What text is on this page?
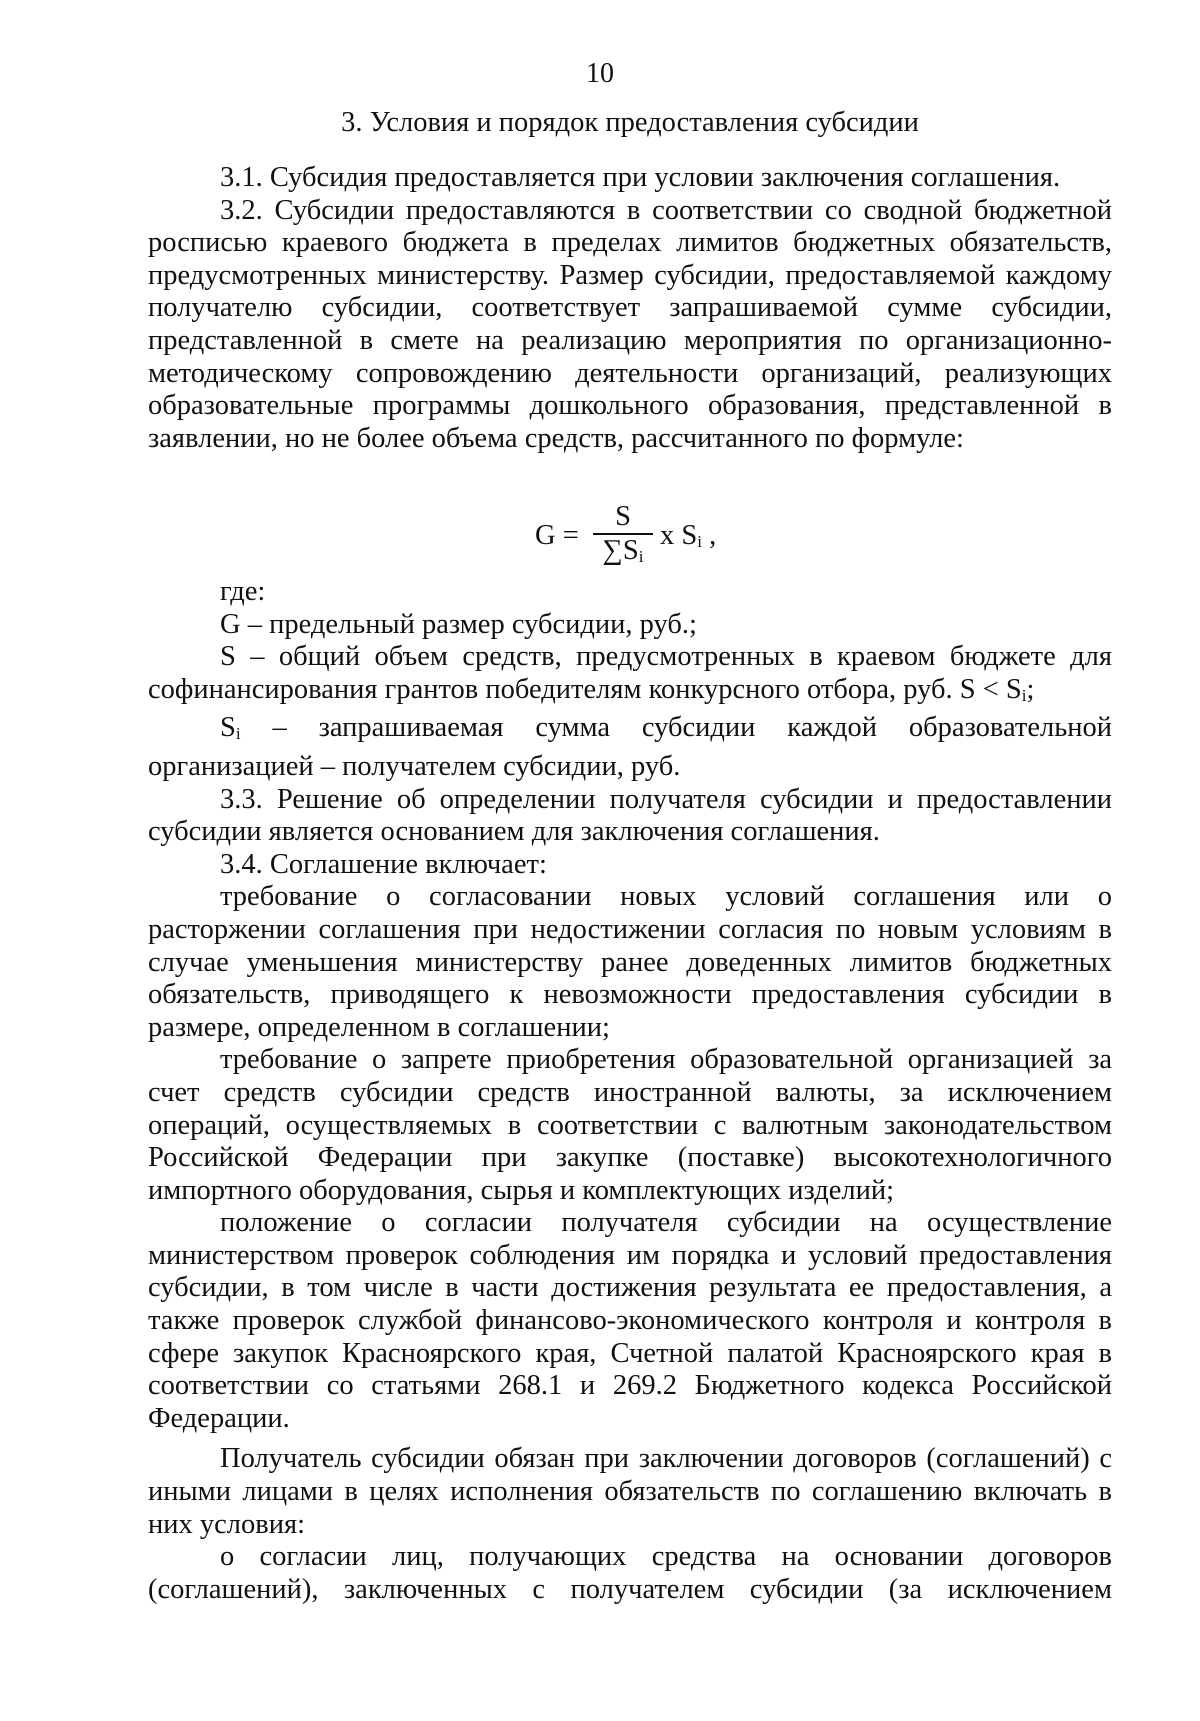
10
3. Условия и порядок предоставления субсидии

3.1. Субсидия предоставляется при условии заключения соглашения.

3.2. Субсидии предоставляются в соответствии со сводной бюджетной росписью краевого бюджета в пределах лимитов бюджетных обязательств, предусмотренных министерству. Размер субсидии, предоставляемой каждому получателю субсидии, соответствует запрашиваемой сумме субсидии, представленной в смете на реализацию мероприятия по организационно-методическому сопровождению деятельности организаций, реализующих образовательные программы дошкольного образования, представленной в заявлении, но не более объема средств, рассчитанного по формуле:

G =
S
$\sum S_i$
x $S_i$ ,

где:

G – предельный размер субсидии, руб.;

S – общий объем средств, предусмотренных в краевом бюджете для софинансирования грантов победителям конкурсного отбора, руб. $S < S_i$;

$S_i$ – запрашиваемая сумма субсидии каждой образовательной организацией – получателем субсидии, руб.

3.3. Решение об определении получателя субсидии и предоставлении субсидии является основанием для заключения соглашения.

3.4. Соглашение включает:

требование о согласовании новых условий соглашения или о расторжении соглашения при недостижении согласия по новым условиям в случае уменьшения министерству ранее доведенных лимитов бюджетных обязательств, приводящего к невозможности предоставления субсидии в размере, определенном в соглашении;

требование о запрете приобретения образовательной организацией за счет средств субсидии средств иностранной валюты, за исключением операций, осуществляемых в соответствии с валютным законодательством Российской Федерации при закупке (поставке) высокотехнологичного импортного оборудования, сырья и комплектующих изделий;

положение о согласии получателя субсидии на осуществление министерством проверок соблюдения им порядка и условий предоставления субсидии, в том числе в части достижения результата ее предоставления, а также проверок службой финансово-экономического контроля и контроля в сфере закупок Красноярского края, Счетной палатой Красноярского края в соответствии со статьями 268.1 и 269.2 Бюджетного кодекса Российской Федерации.

Получатель субсидии обязан при заключении договоров (соглашений) с иными лицами в целях исполнения обязательств по соглашению включать в них условия:

о согласии лиц, получающих средства на основании договоров (соглашений), заключенных с получателем субсидии (за исключением
